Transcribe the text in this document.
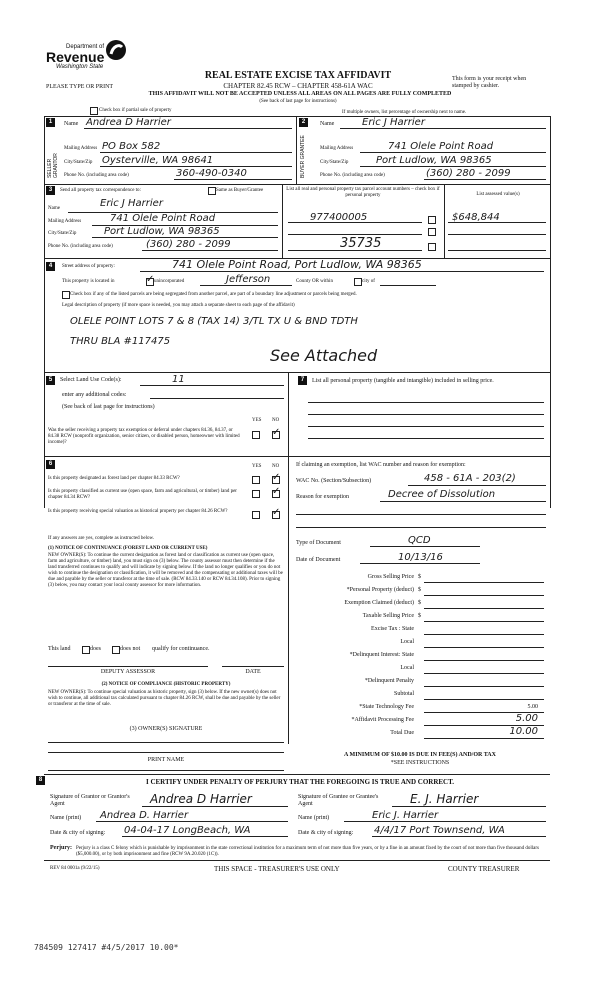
Department of
Revenue
Washington State
PLEASE TYPE OR PRINT
REAL ESTATE EXCISE TAX AFFIDAVIT
CHAPTER 82.45 RCW – CHAPTER 458-61A WAC
THIS AFFIDAVIT WILL NOT BE ACCEPTED UNLESS ALL AREAS ON ALL PAGES ARE FULLY COMPLETED
(See back of last page for instructions)
This form is your receipt when stamped by cashier.
Check box if partial sale of property	If multiple owners, list percentage of ownership next to name.
1
SELLER GRANTOR
Name Andrea D Harrier
Mailing Address PO Box 582
City/State/Zip Oysterville, WA 98641
Phone No. (including area code)	360-490-0340
2
BUYER GRANTEE
Name	Eric J Harrier
Mailing Address	741 Olele Point Road
City/State/Zip	Port Ludlow, WA 98365
Phone No. (including area code)	(360) 280 - 2099
3	Send all property tax correspondence to:	Same as Buyer/Grantee
Name	Eric J Harrier
Mailing Address	741 Olele Point Road
City/State/Zip	Port Ludlow, WA 98365
Phone No. (including area code)	(360) 280 - 2099
List all real and personal property tax parcel account numbers – check box if personal property	List assessed value(s)
977400005	$648,844
35735
4	Street address of property:	741 Olele Point Road, Port Ludlow, WA 98365
This property is located in
✓	unincorporated	Jefferson	County OR within	city of
Check box if any of the listed parcels are being segregated from another parcel, are part of a boundary line adjustment or parcels being merged.
Legal description of property (if more space is needed, you may attach a separate sheet to each page of the affidavit)
OLELE POINT LOTS 7 & 8 (TAX 14) 3/TL TX U & BND TDTH
THRU BLA #117475
See Attached
5	Select Land Use Code(s):	11
enter any additional codes:
(See back of last page for instructions)
YES NO
Was the seller receiving a property tax exemption or deferral under chapters 84.36, 84.37, or 84.38 RCW (nonprofit organization, senior citizen, or disabled person, homeowner with limited income)?
✓
7	List all personal property (tangible and intangible) included in selling price.
6	YES NO
Is this property designated as forest land per chapter 84.33 RCW?
✓
Is this property classified as current use (open space, farm and agricultural, or timber) land per chapter 84.34 RCW?
✓
Is this property receiving special valuation as historical property per chapter 84.26 RCW?
✓
If any answers are yes, complete as instructed below.
(1) NOTICE OF CONTINUANCE (FOREST LAND OR CURRENT USE)
NEW OWNER(S): To continue the current designation as forest land or classification as current use (open space, farm and agriculture, or timber) land, you must sign on (3) below. The county assessor must then determine if the land transferred continues to qualify and will indicate by signing below. If the land no longer qualifies or you do not wish to continue the designation or classification, it will be removed and the compensating or additional taxes will be due and payable by the seller or transferor at the time of sale. (RCW 84.33.140 or RCW 84.34.108). Prior to signing (3) below, you may contact your local county assessor for more information.
This land	does	does not qualify for continuance.
DEPUTY ASSESSOR	DATE
(2) NOTICE OF COMPLIANCE (HISTORIC PROPERTY)
NEW OWNER(S): To continue special valuation as historic property, sign (3) below. If the new owner(s) does not wish to continue, all additional tax calculated pursuant to chapter 84.26 RCW, shall be due and payable by the seller or transferor at the time of sale.
(3) OWNER(S) SIGNATURE
PRINT NAME
If claiming an exemption, list WAC number and reason for exemption:
WAC No. (Section/Subsection)	458 - 61A - 203(2)
Reason for exemption	Decree of Dissolution
Type of Document	QCD
Date of Document	10/13/16
Gross Selling Price $
*Personal Property (deduct) $
Exemption Claimed (deduct) $
Taxable Selling Price $
Excise Tax : State
Local
*Delinquent Interest: State
Local
*Delinquent Penalty
Subtotal
*State Technology Fee	5.00
*Affidavit Processing Fee	5.00
Total Due	10.00
A MINIMUM OF $10.00 IS DUE IN FEE(S) AND/OR TAX
*SEE INSTRUCTIONS
8	I CERTIFY UNDER PENALTY OF PERJURY THAT THE FOREGOING IS TRUE AND CORRECT.
Signature of Grantor or Grantor's Agent	Andrea D Harrier
Name (print) Andrea D. Harrier
Date & city of signing: 04-04-17 LongBeach, WA
Signature of Grantee or Grantee's Agent	E. J. Harrier
Name (print)	Eric J. Harrier
Date & city of signing: 4/4/17 Port Townsend, WA
Perjury: Perjury is a class C felony which is punishable by imprisonment in the state correctional institution for a maximum term of not more than five years, or by a fine in an amount fixed by the court of not more than five thousand dollars ($5,000.00), or by both imprisonment and fine (RCW 9A.20.020 (1C)).
REV 84 0001a (9/22/15)	THIS SPACE - TREASURER'S USE ONLY	COUNTY TREASURER
784509 127417 #4/5/2017 10.00*
